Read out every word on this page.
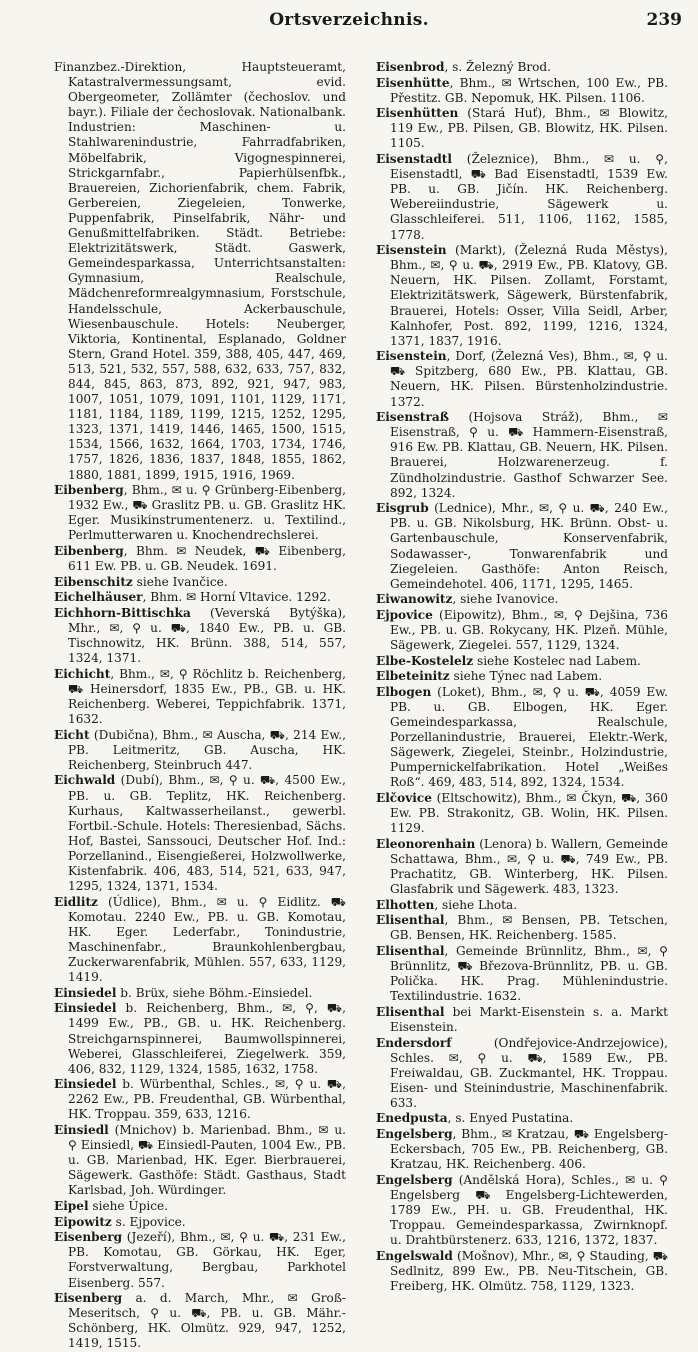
Ortsverzeichnis.	239

Finanzbez.-Direktion, Hauptsteueramt, Katastralvermessungsamt, evid. Obergeometer, Zollämter (čechoslov. und bayr.). Filiale der čechoslovak. Nationalbank. Industrien: Maschinen- u. Stahlwarenindustrie, Fahrradfabriken, Möbelfabrik, Vigognespinnerei, Strickgarnfabr., Papierhülsenfbk., Brauereien, Zichorienfabrik, chem. Fabrik, Gerbereien, Ziegeleien, Tonwerke, Puppenfabrik, Pinselfabrik, Nähr- und Genußmittelfabriken. Städt. Betriebe: Elektrizitätswerk, Städt. Gaswerk, Gemeindesparkassa, Unterrichtsanstalten: Gymnasium, Realschule, Mädchenreformrealgymnasium, Forstschule, Handelsschule, Ackerbauschule, Wiesenbauschule. Hotels: Neuberger, Viktoria, Kontinental, Esplanado, Goldner Stern, Grand Hotel. 359, 388, 405, 447, 469, 513, 521, 532, 557, 588, 632, 633, 757, 832, 844, 845, 863, 873, 892, 921, 947, 983, 1007, 1051, 1079, 1091, 1101, 1129, 1171, 1181, 1184, 1189, 1199, 1215, 1252, 1295, 1323, 1371, 1419, 1446, 1465, 1500, 1515, 1534, 1566, 1632, 1664, 1703, 1734, 1746, 1757, 1826, 1836, 1837, 1848, 1855, 1862, 1880, 1881, 1899, 1915, 1916, 1969.

Eibenberg, Bhm., ✉ u. ⚲ Grünberg-Eibenberg, 1932 Ew., ⛟ Graslitz PB. u. GB. Graslitz HK. Eger. Musikinstrumentenerz. u. Textilind., Perlmutterwaren u. Knochendrechslerei.

Eibenberg, Bhm. ✉ Neudek, ⛟ Eibenberg, 611 Ew. PB. u. GB. Neudek. 1691.

Eibenschitz siehe Ivančice.

Eichelhäuser, Bhm. ✉ Horní Vltavice. 1292.

Eichhorn-Bittischka (Veverská Bytýška), Mhr., ✉, ⚲ u. ⛟, 1840 Ew., PB. u. GB. Tischnowitz, HK. Brünn. 388, 514, 557, 1324, 1371.

Eichicht, Bhm., ✉, ⚲ Röchlitz b. Reichenberg, ⛟ Heinersdorf, 1835 Ew., PB., GB. u. HK. Reichenberg. Weberei, Teppichfabrik. 1371, 1632.

Eicht (Dubična), Bhm., ✉ Auscha, ⛟, 214 Ew., PB. Leitmeritz, GB. Auscha, HK. Reichenberg, Steinbruch 447.

Eichwald (Dubí), Bhm., ✉, ⚲ u. ⛟, 4500 Ew., PB. u. GB. Teplitz, HK. Reichenberg. Kurhaus, Kaltwasserheilanst., gewerbl. Fortbil.-Schule. Hotels: Theresienbad, Sächs. Hof, Bastei, Sanssouci, Deutscher Hof. Ind.: Porzellanind., Eisengießerei, Holzwollwerke, Kistenfabrik. 406, 483, 514, 521, 633, 947, 1295, 1324, 1371, 1534.

Eidlitz (Údlice), Bhm., ✉ u. ⚲ Eidlitz. ⛟ Komotau. 2240 Ew., PB. u. GB. Komotau, HK. Eger. Lederfabr., Tonindustrie, Maschinenfabr., Braunkohlenbergbau, Zuckerwarenfabrik, Mühlen. 557, 633, 1129, 1419.

Einsiedel b. Brüx, siehe Böhm.-Einsiedel.

Einsiedel b. Reichenberg, Bhm., ✉, ⚲, ⛟, 1499 Ew., PB., GB. u. HK. Reichenberg. Streichgarnspinnerei, Baumwollspinnerei, Weberei, Glasschleiferei, Ziegelwerk. 359, 406, 832, 1129, 1324, 1585, 1632, 1758.

Einsiedel b. Würbenthal, Schles., ✉, ⚲ u. ⛟, 2262 Ew., PB. Freudenthal, GB. Würbenthal, HK. Troppau. 359, 633, 1216.

Einsiedl (Mnichov) b. Marienbad. Bhm., ✉ u. ⚲ Einsiedl, ⛟ Einsiedl-Pauten, 1004 Ew., PB. u. GB. Marienbad, HK. Eger. Bierbrauerei, Sägewerk. Gasthöfe: Städt. Gasthaus, Stadt Karlsbad, Joh. Würdinger.

Eipel siehe Úpice.

Eipowitz s. Ejpovice.

Eisenberg (Jezeří), Bhm., ✉, ⚲ u. ⛟, 231 Ew., PB. Komotau, GB. Görkau, HK. Eger, Forstverwaltung, Bergbau, Parkhotel Eisenberg. 557.

Eisenberg a. d. March, Mhr., ✉ Groß-Meseritsch, ⚲ u. ⛟, PB. u. GB. Mähr.-Schönberg, HK. Olmütz. 929, 947, 1252, 1419, 1515.

Eisenbrod, s. Železný Brod.

Eisenhütte, Bhm., ✉ Wrtschen, 100 Ew., PB. Přestitz. GB. Nepomuk, HK. Pilsen. 1106.

Eisenhütten (Stará Huť), Bhm., ✉ Blowitz, 119 Ew., PB. Pilsen, GB. Blowitz, HK. Pilsen. 1105.

Eisenstadtl (Železnice), Bhm., ✉ u. ⚲, Eisenstadtl, ⛟ Bad Eisenstadtl, 1539 Ew. PB. u. GB. Jičín. HK. Reichenberg. Webereiindustrie, Sägewerk u. Glasschleiferei. 511, 1106, 1162, 1585, 1778.

Eisenstein (Markt), (Železná Ruda Městys), Bhm., ✉, ⚲ u. ⛟, 2919 Ew., PB. Klatovy, GB. Neuern, HK. Pilsen. Zollamt, Forstamt, Elektrizitätswerk, Sägewerk, Bürstenfabrik, Brauerei, Hotels: Osser, Villa Seidl, Arber, Kalnhofer, Post. 892, 1199, 1216, 1324, 1371, 1837, 1916.

Eisenstein, Dorf, (Železná Ves), Bhm., ✉, ⚲ u. ⛟ Spitzberg, 680 Ew., PB. Klattau, GB. Neuern, HK. Pilsen. Bürstenholzindustrie. 1372.

Eisenstraß (Hojsova Stráž), Bhm., ✉ Eisenstraß, ⚲ u. ⛟ Hammern-Eisenstraß, 916 Ew. PB. Klattau, GB. Neuern, HK. Pilsen. Brauerei, Holzwarenerzeug. f. Zündholzindustrie. Gasthof Schwarzer See. 892, 1324.

Eisgrub (Lednice), Mhr., ✉, ⚲ u. ⛟, 240 Ew., PB. u. GB. Nikolsburg, HK. Brünn. Obst- u. Gartenbauschule, Konservenfabrik, Sodawasser-, Tonwarenfabrik und Ziegeleien. Gasthöfe: Anton Reisch, Gemeindehotel. 406, 1171, 1295, 1465.

Eiwanowitz, siehe Ivanovice.

Ejpovice (Eipowitz), Bhm., ✉, ⚲ Dejšina, 736 Ew., PB. u. GB. Rokycany, HK. Plzeň. Mühle, Sägewerk, Ziegelei. 557, 1129, 1324.

Elbe-Kostelelz siehe Kostelec nad Labem.

Elbeteinitz siehe Týnec nad Labem.

Elbogen (Loket), Bhm., ✉, ⚲ u. ⛟, 4059 Ew. PB. u. GB. Elbogen, HK. Eger. Gemeindesparkassa, Realschule, Porzellanindustrie, Brauerei, Elektr.-Werk, Sägewerk, Ziegelei, Steinbr., Holzindustrie, Pumpernickelfabrikation. Hotel „Weißes Roß“. 469, 483, 514, 892, 1324, 1534.

Elčovice (Eltschowitz), Bhm., ✉ Čkyn, ⛟, 360 Ew. PB. Strakonitz, GB. Wolin, HK. Pilsen. 1129.

Eleonorenhain (Lenora) b. Wallern, Gemeinde Schattawa, Bhm., ✉, ⚲ u. ⛟, 749 Ew., PB. Prachatitz, GB. Winterberg, HK. Pilsen. Glasfabrik und Sägewerk. 483, 1323.

Elhotten, siehe Lhota.

Elisenthal, Bhm., ✉ Bensen, PB. Tetschen, GB. Bensen, HK. Reichenberg. 1585.

Elisenthal, Gemeinde Brünnlitz, Bhm., ✉, ⚲ Brünnlitz, ⛟ Březova-Brünnlitz, PB. u. GB. Polička. HK. Prag. Mühlenindustrie. Textilindustrie. 1632.

Elisenthal bei Markt-Eisenstein s. a. Markt Eisenstein.

Endersdorf (Ondřejovice-Andrzejowice), Schles. ✉, ⚲ u. ⛟, 1589 Ew., PB. Freiwaldau, GB. Zuckmantel, HK. Troppau. Eisen- und Steinindustrie, Maschinenfabrik. 633.

Enedpusta, s. Enyed Pustatina.

Engelsberg, Bhm., ✉ Kratzau, ⛟ Engelsberg-Eckersbach, 705 Ew., PB. Reichenberg, GB. Kratzau, HK. Reichenberg. 406.

Engelsberg (Andělská Hora), Schles., ✉ u. ⚲ Engelsberg ⛟ Engelsberg-Lichtewerden, 1789 Ew., PH. u. GB. Freudenthal, HK. Troppau. Gemeindesparkassa, Zwirnknopf. u. Drahtbürstenerz. 633, 1216, 1372, 1837.

Engelswald (Mošnov), Mhr., ✉, ⚲ Stauding, ⛟ Sedlnitz, 899 Ew., PB. Neu-Titschein, GB. Freiberg, HK. Olmütz. 758, 1129, 1323.
